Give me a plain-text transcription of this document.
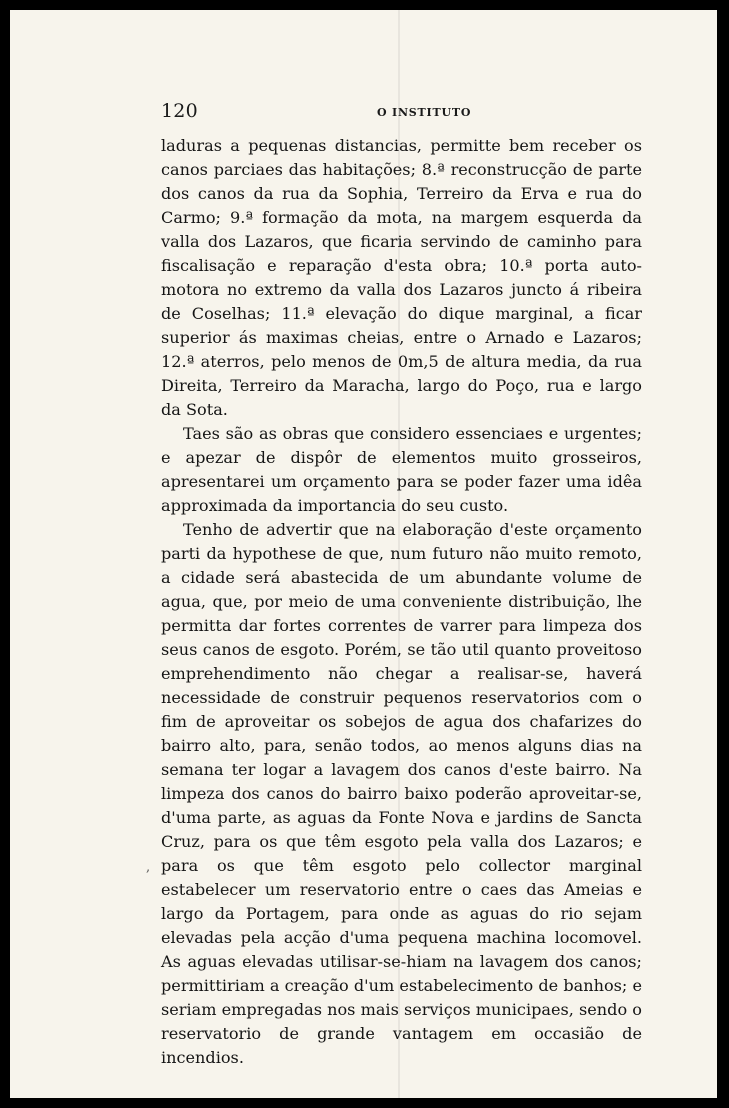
120	O INSTITUTO

laduras a pequenas distancias, permitte bem receber os canos parciaes das habitações; 8.ª reconstrucção de parte dos canos da rua da Sophia, Terreiro da Erva e rua do Carmo; 9.ª formação da mota, na margem esquerda da valla dos Lazaros, que ficaria servindo de caminho para fiscalisação e reparação d'esta obra; 10.ª porta auto-motora no extremo da valla dos Lazaros juncto á ribeira de Coselhas; 11.ª elevação do dique marginal, a ficar superior ás maximas cheias, entre o Arnado e Lazaros; 12.ª aterros, pelo menos de 0m,5 de altura media, da rua Direita, Terreiro da Maracha, largo do Poço, rua e largo da Sota.

Taes são as obras que considero essenciaes e urgentes; e apezar de dispôr de elementos muito grosseiros, apresentarei um orçamento para se poder fazer uma idêa approximada da importancia do seu custo.

Tenho de advertir que na elaboração d'este orçamento parti da hypothese de que, num futuro não muito remoto, a cidade será abastecida de um abundante volume de agua, que, por meio de uma conveniente distribuição, lhe permitta dar fortes correntes de varrer para limpeza dos seus canos de esgoto. Porém, se tão util quanto proveitoso emprehendimento não chegar a realisar-se, haverá necessidade de construir pequenos reservatorios com o fim de aproveitar os sobejos de agua dos chafarizes do bairro alto, para, senão todos, ao menos alguns dias na semana ter logar a lavagem dos canos d'este bairro. Na limpeza dos canos do bairro baixo poderão aproveitar-se, d'uma parte, as aguas da Fonte Nova e jardins de Sancta Cruz, para os que têm esgoto pela valla dos Lazaros; e para os que têm esgoto pelo collector marginal estabelecer um reservatorio entre o caes das Ameias e largo da Portagem, para onde as aguas do rio sejam elevadas pela acção d'uma pequena machina locomovel. As aguas elevadas utilisar-se-hiam na lavagem dos canos; permittiriam a creação d'um estabelecimento de banhos; e seriam empregadas nos mais serviços municipaes, sendo o reservatorio de grande vantagem em occasião de incendios.

,
